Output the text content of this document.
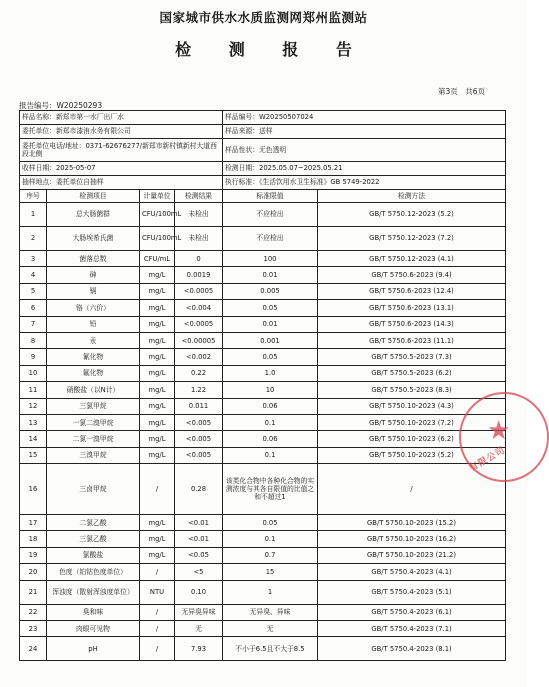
国家城市供水水质监测网郑州监测站
检 测 报 告
第3页　共6页
报告编号：W20250293
样品名称：新郑市第一水厂出厂水				样品编号：W20250507024	
委托单位：新郑市漆洧水务有限公司				样品来源：送样	
委托单位电话/地址：0371-62676277/新郑市新村镇新村大道西段北侧				样品性状：无色透明	
收样日期：2025-05-07				检测日期：2025.05.07~2025.05.21	
抽样地点：委托单位自抽样				执行标准：《生活饮用水卫生标准》GB 5749-2022	
序号	检测项目	计量单位	检测结果	标准限值	检测方法
1	总大肠菌群	CFU/100mL	未检出	不应检出	GB/T 5750.12-2023 (5.2)
2	大肠埃希氏菌	CFU/100mL	未检出	不应检出	GB/T 5750.12-2023 (7.2)
3	菌落总数	CFU/mL	0	100	GB/T 5750.12-2023 (4.1)
4	砷	mg/L	0.0019	0.01	GB/T 5750.6-2023 (9.4)
5	镉	mg/L	<0.0005	0.005	GB/T 5750.6-2023 (12.4)
6	铬（六价）	mg/L	<0.004	0.05	GB/T 5750.6-2023 (13.1)
7	铅	mg/L	<0.0005	0.01	GB/T 5750.6-2023 (14.3)
8	汞	mg/L	<0.00005	0.001	GB/T 5750.6-2023 (11.1)
9	氰化物	mg/L	<0.002	0.05	GB/T 5750.5-2023 (7.3)
10	氟化物	mg/L	0.22	1.0	GB/T 5750.5-2023 (6.2)
11	硝酸盐（以N计）	mg/L	1.22	10	GB/T 5750.5-2023 (8.3)
12	三氯甲烷	mg/L	0.011	0.06	GB/T 5750.10-2023 (4.3)
13	一氯二溴甲烷	mg/L	<0.005	0.1	GB/T 5750.10-2023 (7.2)
14	二氯一溴甲烷	mg/L	<0.005	0.06	GB/T 5750.10-2023 (6.2)
15	三溴甲烷	mg/L	<0.005	0.1	GB/T 5750.10-2023 (5.2)
16	三卤甲烷	/	0.28	该类化合物中各种化合物的实测浓度与其各自限值的比值之和不超过1	/
17	二氯乙酸	mg/L	<0.01	0.05	GB/T 5750.10-2023 (15.2)
18	三氯乙酸	mg/L	<0.01	0.1	GB/T 5750.10-2023 (16.2)
19	氯酸盐	mg/L	<0.05	0.7	GB/T 5750.10-2023 (21.2)
20	色度（铂钴色度单位）	/	<5	15	GB/T 5750.4-2023 (4.1)
21	浑浊度（散射浑浊度单位）	NTU	0.10	1	GB/T 5750.4-2023 (5.1)
22	臭和味	/	无异臭异味	无异臭、异味	GB/T 5750.4-2023 (6.1)
23	肉眼可见物	/	无	无	GB/T 5750.4-2023 (7.1)
24	pH	/	7.93	不小于6.5且不大于8.5	GB/T 5750.4-2023 (8.1)
★
有限公司
